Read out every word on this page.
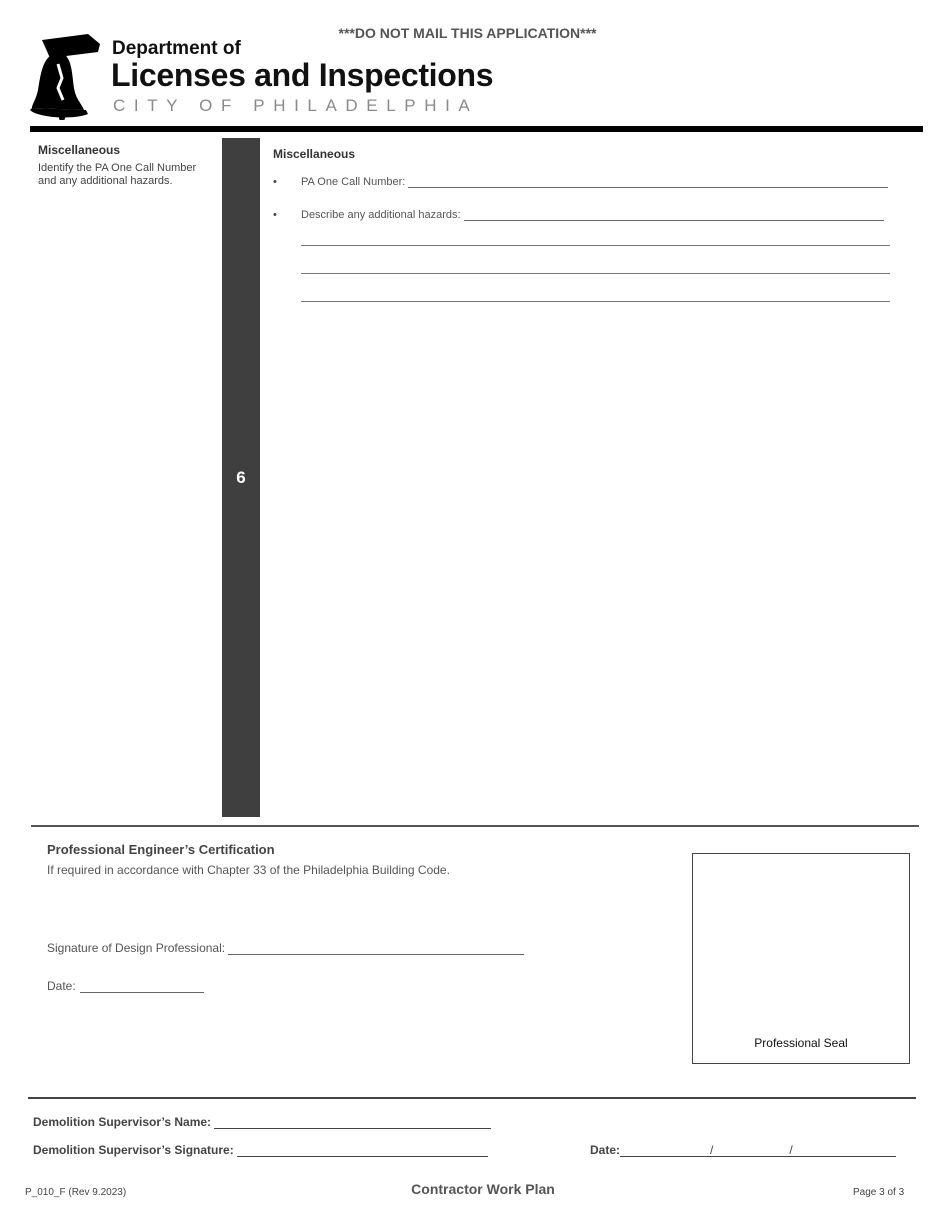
***DO NOT MAIL THIS APPLICATION***
Department of
Licenses and Inspections
CITY OF PHILADELPHIA
Miscellaneous
Identify the PA One Call Number and any additional hazards.
6
Miscellaneous
• PA One Call Number:
• Describe any additional hazards:
Professional Engineer’s Certification
If required in accordance with Chapter 33 of the Philadelphia Building Code.
Signature of Design Professional:
Date:
Professional Seal
Demolition Supervisor’s Name:
Demolition Supervisor’s Signature:	Date:	/	/
P_010_F (Rev 9.2023)	Contractor Work Plan	Page 3 of 3
